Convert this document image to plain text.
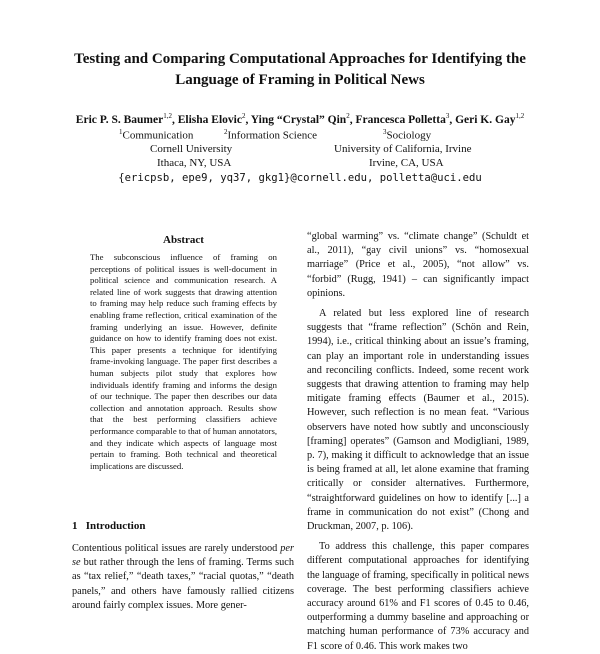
Testing and Comparing Computational Approaches for Identifying the
Language of Framing in Political News
Eric P. S. Baumer$^{1,2}$, Elisha Elovic$^2$, Ying “Crystal” Qin$^2$, Francesca Polletta$^3$, Geri K. Gay$^{1,2}$
$^1$Communication	$^2$Information Science	$^3$Sociology
Cornell University
Ithaca, NY, USA
University of California, Irvine
Irvine, CA, USA
{ericpsb, epe9, yq37, gkg1}@cornell.edu, polletta@uci.edu
Abstract
The subconscious influence of framing on perceptions of political issues is well-document in political science and communication research. A related line of work suggests that drawing attention to framing may help reduce such framing effects by enabling frame reflection, critical examination of the framing underlying an issue. However, definite guidance on how to identify framing does not exist. This paper presents a technique for identifying frame-invoking language. The paper first describes a human subjects pilot study that explores how individuals identify framing and informs the design of our technique. The paper then describes our data collection and annotation approach. Results show that the best performing classifiers achieve performance comparable to that of human annotators, and they indicate which aspects of language most pertain to framing. Both technical and theoretical implications are discussed.
1 Introduction

Contentious political issues are rarely understood per se but rather through the lens of framing. Terms such as “tax relief,” “death taxes,” “racial quotas,” “death panels,” and others have famously rallied citizens around fairly complex issues. More gener-

“global warming” vs. “climate change” (Schuldt et al., 2011), “gay civil unions” vs. “homosexual marriage” (Price et al., 2005), “not allow” vs. “forbid” (Rugg, 1941) – can significantly impact opinions.

A related but less explored line of research suggests that “frame reflection” (Schön and Rein, 1994), i.e., critical thinking about an issue’s framing, can play an important role in understanding issues and reconciling conflicts. Indeed, some recent work suggests that drawing attention to framing may help mitigate framing effects (Baumer et al., 2015). However, such reflection is no mean feat. “Various observers have noted how subtly and unconsciously [framing] operates” (Gamson and Modigliani, 1989, p. 7), making it difficult to acknowledge that an issue is being framed at all, let alone examine that framing critically or consider alternatives. Furthermore, “straightforward guidelines on how to identify [...] a frame in communication do not exist” (Chong and Druckman, 2007, p. 106).

To address this challenge, this paper compares different computational approaches for identifying the language of framing, specifically in political news coverage. The best performing classifiers achieve accuracy around 61% and F1 scores of 0.45 to 0.46, outperforming a dummy baseline and approaching or matching human performance of 73% accuracy and F1 score of 0.46. This work makes two
